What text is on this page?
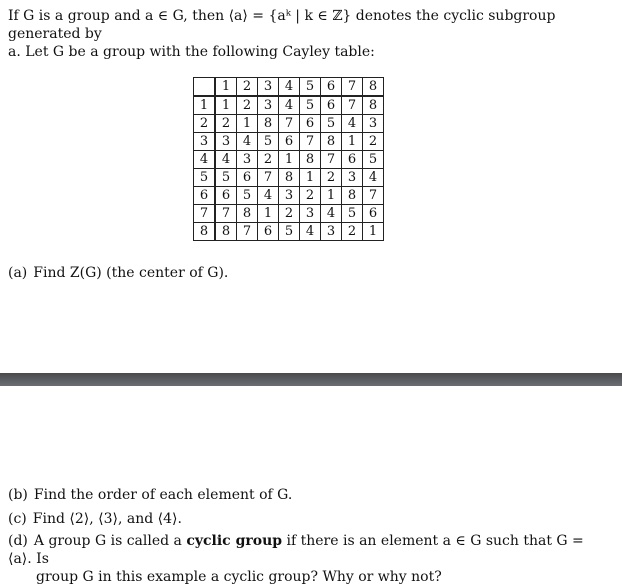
If G is a group and a ∈ G, then ⟨a⟩ = {aᵏ | k ∈ ℤ} denotes the cyclic subgroup generated by

a. Let G be a group with the following Cayley table:

	1	2	3	4	5	6	7	8
1	1	2	3	4	5	6	7	8
2	2	1	8	7	6	5	4	3
3	3	4	5	6	7	8	1	2
4	4	3	2	1	8	7	6	5
5	5	6	7	8	1	2	3	4
6	6	5	4	3	2	1	8	7
7	7	8	1	2	3	4	5	6
8	8	7	6	5	4	3	2	1
(a) Find Z(G) (the center of G).
(b) Find the order of each element of G.
(c) Find ⟨2⟩, ⟨3⟩, and ⟨4⟩.
(d) A group G is called a cyclic group if there is an element a ∈ G such that G = ⟨a⟩. Is
group G in this example a cyclic group? Why or why not?
